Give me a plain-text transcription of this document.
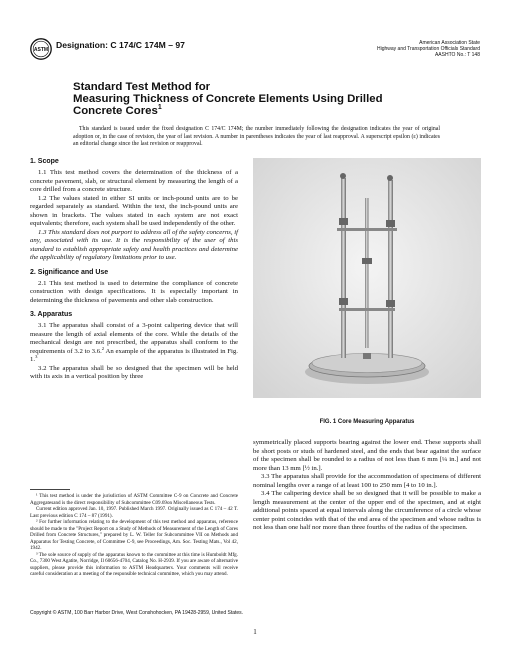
ASTM Designation: C 174/C 174M – 97	American Association State
Highway and Transportation Officials Standard
AASHTO No.: T 148
Standard Test Method for
Measuring Thickness of Concrete Elements Using Drilled
Concrete Cores$^1$
This standard is issued under the fixed designation C 174/C 174M; the number immediately following the designation indicates the year of original adoption or, in the case of revision, the year of last revision. A number in parentheses indicates the year of last reapproval. A superscript epsilon (ε) indicates an editorial change since the last revision or reapproval.
1. Scope

1.1 This test method covers the determination of the thickness of a concrete pavement, slab, or structural element by measuring the length of a core drilled from a concrete structure.

1.2 The values stated in either SI units or inch-pound units are to be regarded separately as standard. Within the text, the inch-pound units are shown in brackets. The values stated in each system are not exact equivalents; therefore, each system shall be used independently of the other.

1.3 This standard does not purport to address all of the safety concerns, if any, associated with its use. It is the responsibility of the user of this standard to establish appropriate safety and health practices and determine the applicability of regulatory limitations prior to use.

2. Significance and Use

2.1 This test method is used to determine the compliance of concrete construction with design specifications. It is especially important in determining the thickness of pavements and other slab construction.

3. Apparatus

3.1 The apparatus shall consist of a 3-point calipering device that will measure the length of axial elements of the core. While the details of the mechanical design are not prescribed, the apparatus shall conform to the requirements of 3.2 to 3.6.$^2$ An example of the apparatus is illustrated in Fig. 1.$^3$

3.2 The apparatus shall be so designed that the specimen will be held with its axis in a vertical position by three

¹ This test method is under the jurisdiction of ASTM Committee C-9 on Concrete and Concrete Aggregatesand is the direct responsibility of Subcommittee C09.69on Miscellaneous Tests.

Current edition approved Jan. 10, 1997. Published March 1997. Originally issued as C 174 – 42 T. Last previous edition C 174 – 87 (1991).

² For further information relating to the development of this test method and apparatus, reference should be made to the "Project Report on a Study of Methods of Measurement of the Length of Cores Drilled from Concrete Structures," prepared by L. W. Teller for Subcommittee VII on Methods and Apparatus for Testing Concrete, of Committee C-9, see Proceedings, Am. Soc. Testing Mats., Vol 42, 1942.

³ The sole source of supply of the apparatus known to the committee at this time is Humboldt Mfg. Co., 7300 West Agatite, Norridge, Il 60656-4704, Catalog No. H-2939. If you are aware of alternative suppliers, please provide this information to ASTM Headquarters. Your comments will receive careful consideration at a meeting of the responsible technical committee, which you may attend.

FIG. 1 Core Measuring Apparatus

symmetrically placed supports bearing against the lower end. These supports shall be short posts or studs of hardened steel, and the ends that bear against the surface of the specimen shall be rounded to a radius of not less than 6 mm [¼ in.] and not more than 13 mm [½ in.].

3.3 The apparatus shall provide for the accommodation of specimens of different nominal lengths over a range of at least 100 to 250 mm [4 to 10 in.].

3.4 The calipering device shall be so designed that it will be possible to make a length measurement at the center of the upper end of the specimen, and at eight additional points spaced at equal intervals along the circumference of a circle whose center point coincides with that of the end area of the specimen and whose radius is not less than one half nor more than three fourths of the radius of the specimen.

Copyright © ASTM, 100 Barr Harbor Drive, West Conshohocken, PA 19428-2959, United States.
1
